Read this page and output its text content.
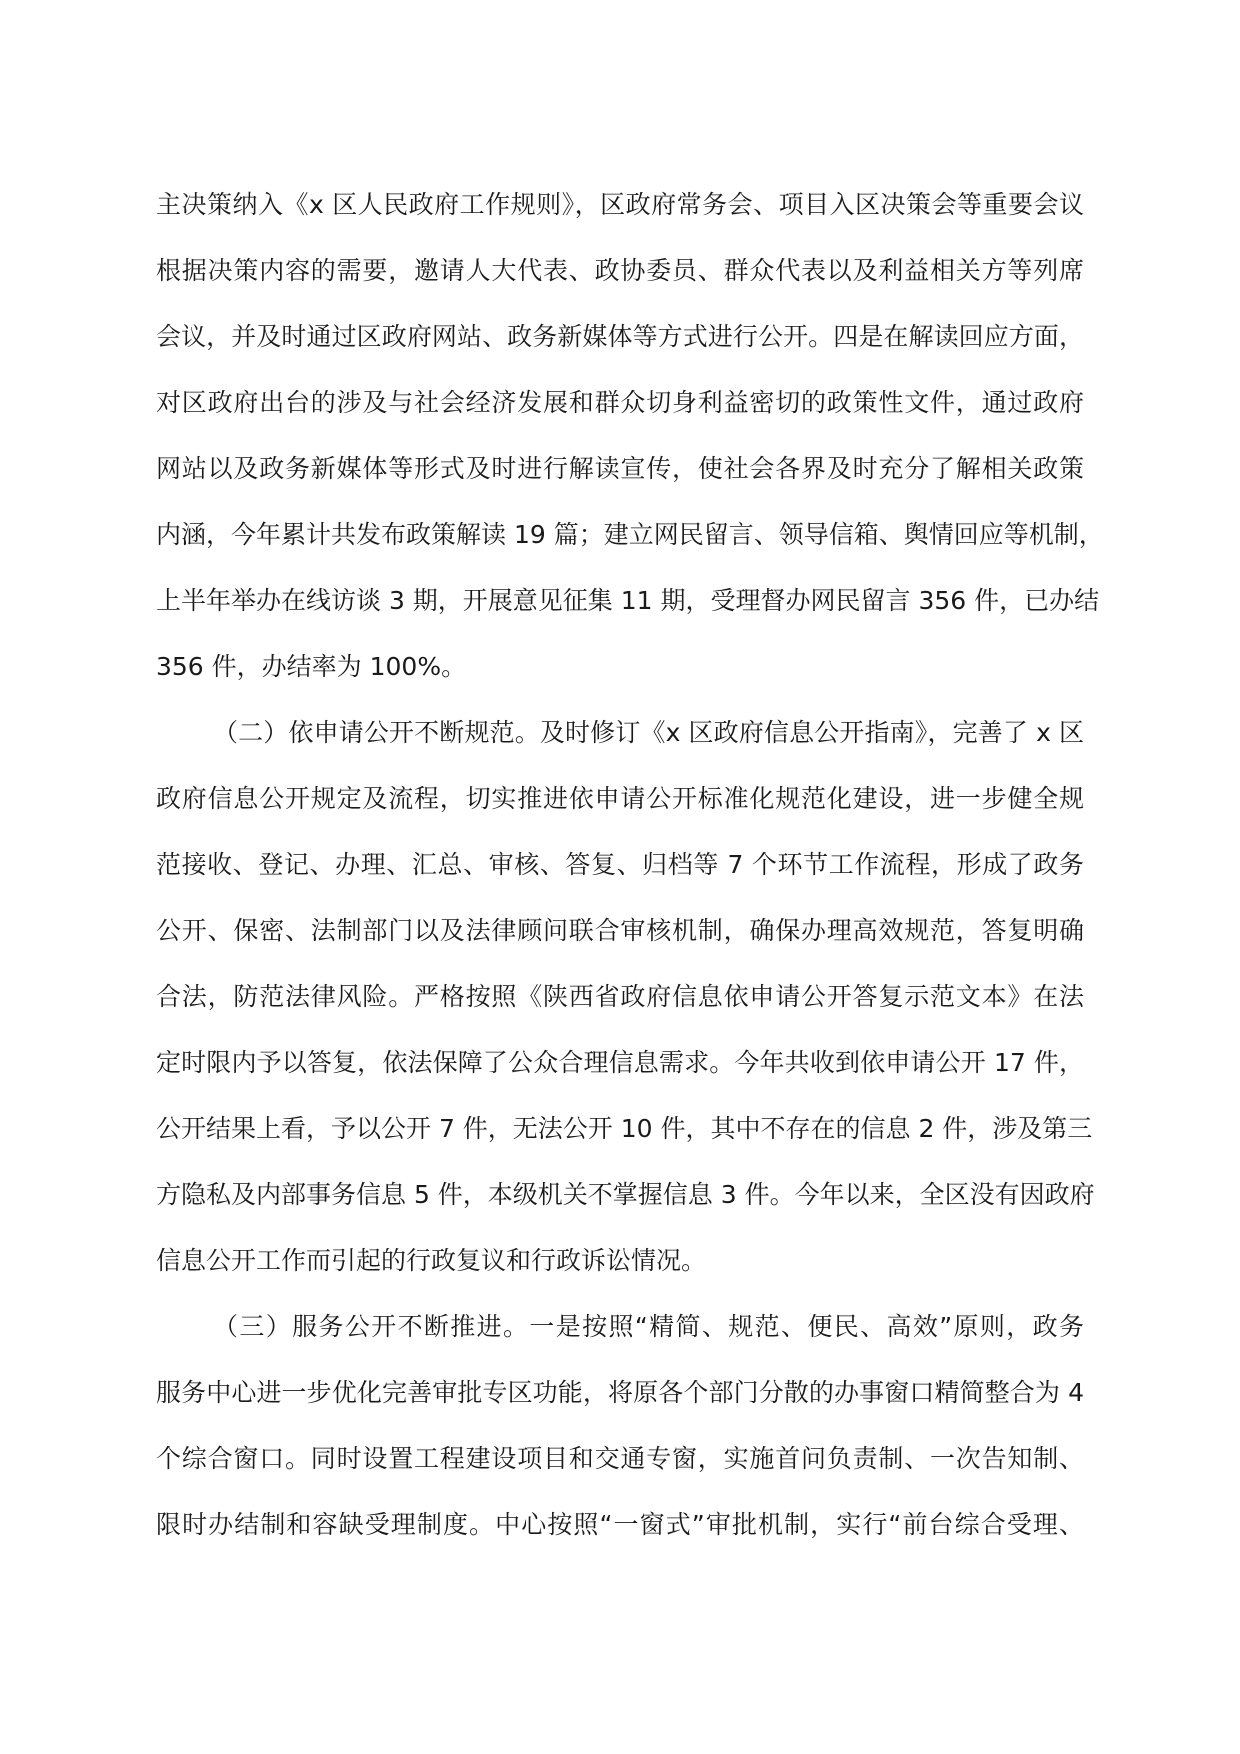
主决策纳入《x 区人民政府工作规则》，区政府常务会、项目入区决策会等重要会议
根据决策内容的需要，邀请人大代表、政协委员、群众代表以及利益相关方等列席
会议，并及时通过区政府网站、政务新媒体等方式进行公开。四是在解读回应方面，
对区政府出台的涉及与社会经济发展和群众切身利益密切的政策性文件，通过政府
网站以及政务新媒体等形式及时进行解读宣传，使社会各界及时充分了解相关政策
内涵，今年累计共发布政策解读 19 篇；建立网民留言、领导信箱、舆情回应等机制，
上半年举办在线访谈 3 期，开展意见征集 11 期，受理督办网民留言 356 件，已办结
356 件，办结率为 100%。
（二）依申请公开不断规范。及时修订《x 区政府信息公开指南》，完善了 x 区
政府信息公开规定及流程，切实推进依申请公开标准化规范化建设，进一步健全规
范接收、登记、办理、汇总、审核、答复、归档等 7 个环节工作流程，形成了政务
公开、保密、法制部门以及法律顾问联合审核机制，确保办理高效规范，答复明确
合法，防范法律风险。严格按照《陕西省政府信息依申请公开答复示范文本》在法
定时限内予以答复，依法保障了公众合理信息需求。今年共收到依申请公开 17 件，
公开结果上看，予以公开 7 件，无法公开 10 件，其中不存在的信息 2 件，涉及第三
方隐私及内部事务信息 5 件，本级机关不掌握信息 3 件。今年以来，全区没有因政府
信息公开工作而引起的行政复议和行政诉讼情况。
（三）服务公开不断推进。一是按照“精简、规范、便民、高效”原则，政务
服务中心进一步优化完善审批专区功能，将原各个部门分散的办事窗口精简整合为 4
个综合窗口。同时设置工程建设项目和交通专窗，实施首问负责制、一次告知制、
限时办结制和容缺受理制度。中心按照“一窗式”审批机制，实行“前台综合受理、
